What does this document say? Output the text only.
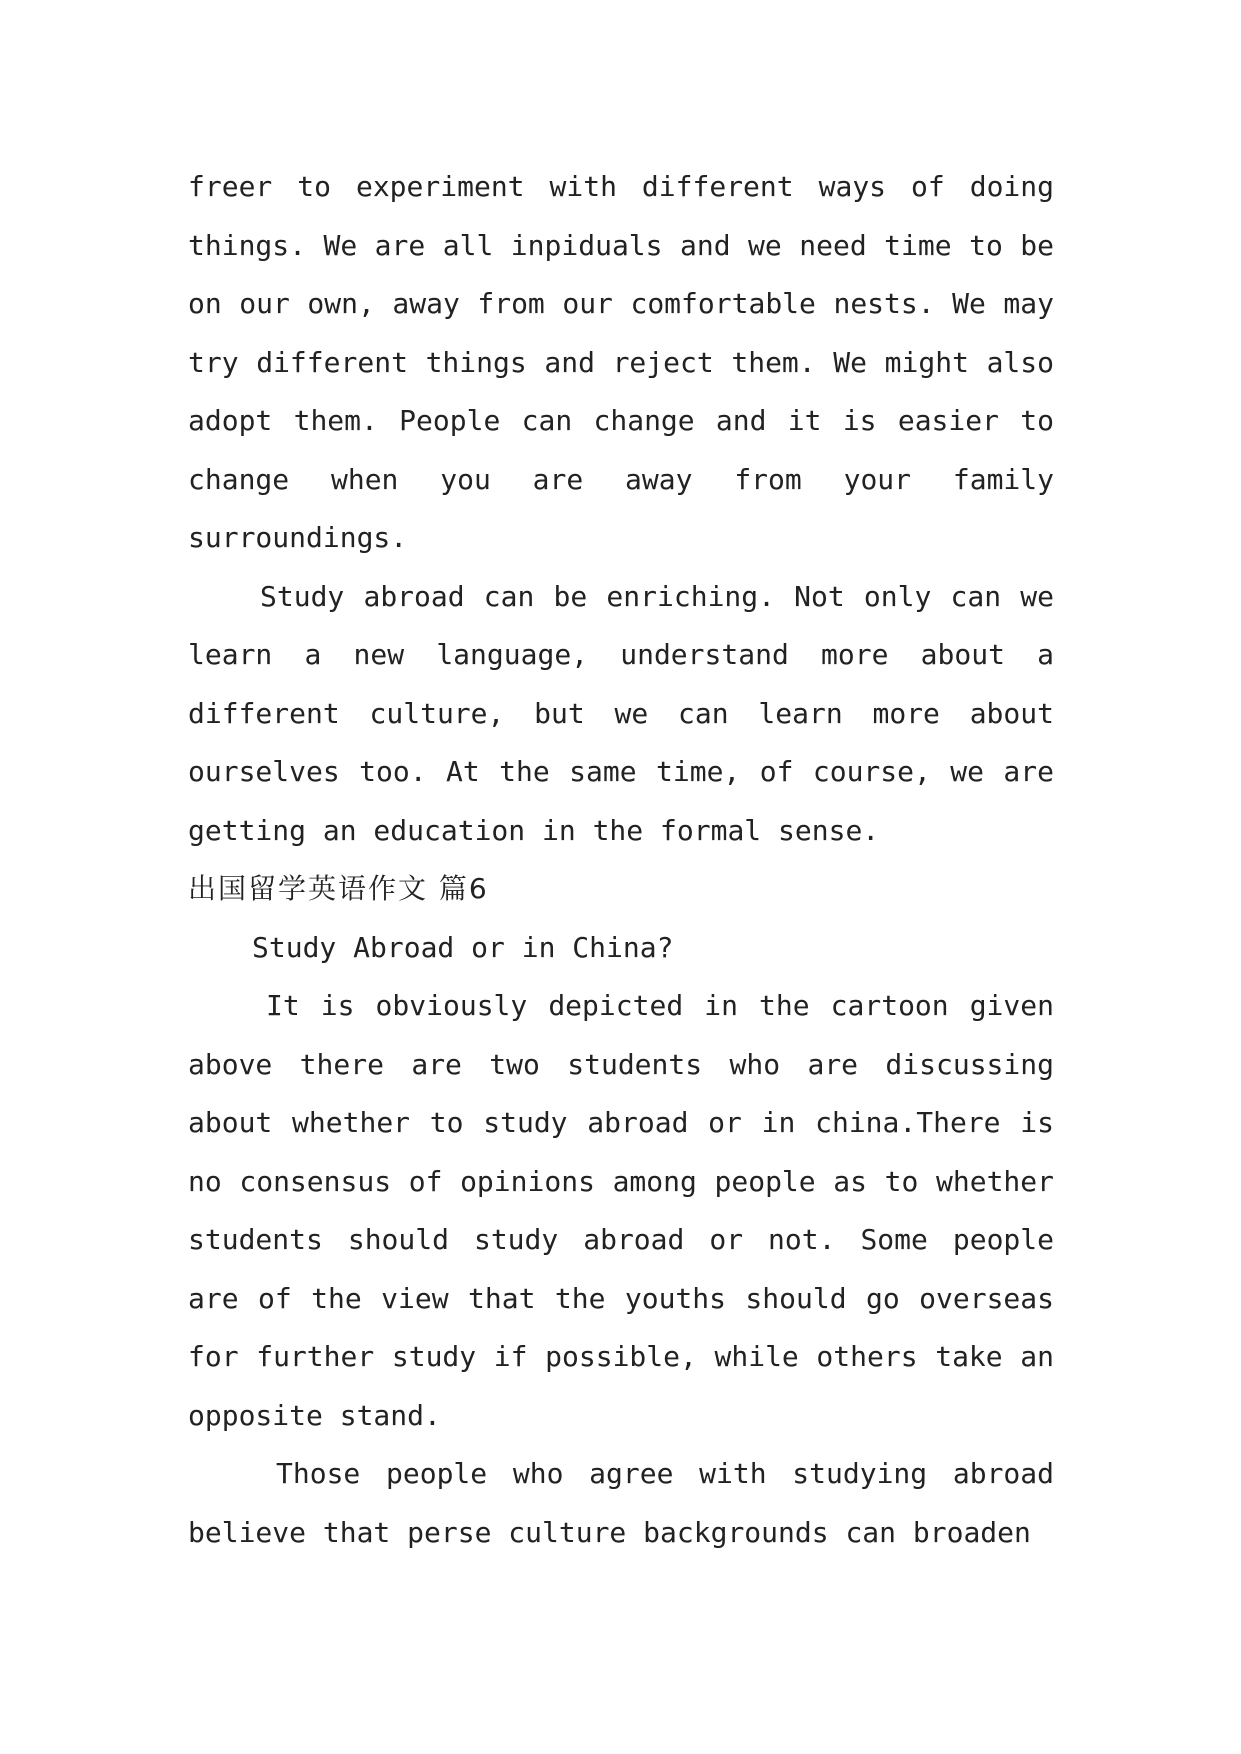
freer to experiment with different ways of doing things. We are all inpiduals and we need time to be on our own, away from our comfortable nests. We may try different things and reject them. We might also adopt them. People can change and it is easier to change when you are away from your family surroundings.

Study abroad can be enriching. Not only can we learn a new language, understand more about a different culture, but we can learn more about ourselves too. At the same time, of course, we are getting an education in the formal sense.

出国留学英语作文 篇6

Study Abroad or in China?

It is obviously depicted in the cartoon given above there are two students who are discussing about whether to study abroad or in china.There is no consensus of opinions among people as to whether students should study abroad or not. Some people are of the view that the youths should go overseas for further study if possible, while others take an opposite stand.

Those people who agree with studying abroad believe that perse culture backgrounds can broaden
